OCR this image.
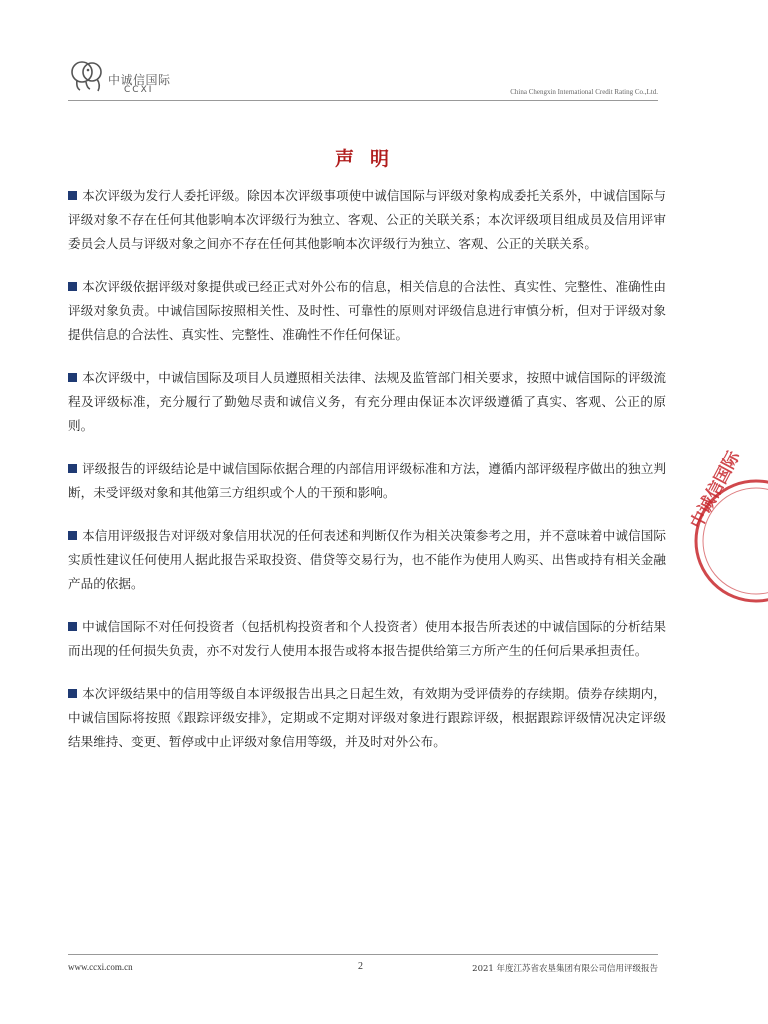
中诚信国际
CCXI	China Chengxin International Credit Rating Co.,Ltd.
声明

本次评级为发行人委托评级。除因本次评级事项使中诚信国际与评级对象构成委托关系外，中诚信国际与评级对象不存在任何其他影响本次评级行为独立、客观、公正的关联关系；本次评级项目组成员及信用评审委员会人员与评级对象之间亦不存在任何其他影响本次评级行为独立、客观、公正的关联关系。

本次评级依据评级对象提供或已经正式对外公布的信息，相关信息的合法性、真实性、完整性、准确性由评级对象负责。中诚信国际按照相关性、及时性、可靠性的原则对评级信息进行审慎分析，但对于评级对象提供信息的合法性、真实性、完整性、准确性不作任何保证。

本次评级中，中诚信国际及项目人员遵照相关法律、法规及监管部门相关要求，按照中诚信国际的评级流程及评级标准，充分履行了勤勉尽责和诚信义务，有充分理由保证本次评级遵循了真实、客观、公正的原则。

评级报告的评级结论是中诚信国际依据合理的内部信用评级标准和方法，遵循内部评级程序做出的独立判断，未受评级对象和其他第三方组织或个人的干预和影响。

本信用评级报告对评级对象信用状况的任何表述和判断仅作为相关决策参考之用，并不意味着中诚信国际实质性建议任何使用人据此报告采取投资、借贷等交易行为，也不能作为使用人购买、出售或持有相关金融产品的依据。

中诚信国际不对任何投资者（包括机构投资者和个人投资者）使用本报告所表述的中诚信国际的分析结果而出现的任何损失负责，亦不对发行人使用本报告或将本报告提供给第三方所产生的任何后果承担责任。

本次评级结果中的信用等级自本评级报告出具之日起生效，有效期为受评债券的存续期。债券存续期内，中诚信国际将按照《跟踪评级安排》，定期或不定期对评级对象进行跟踪评级，根据跟踪评级情况决定评级结果维持、变更、暂停或中止评级对象信用等级，并及时对外公布。

中诚信国际
www.ccxi.com.cn	2	2021 年度江苏省农垦集团有限公司信用评级报告
